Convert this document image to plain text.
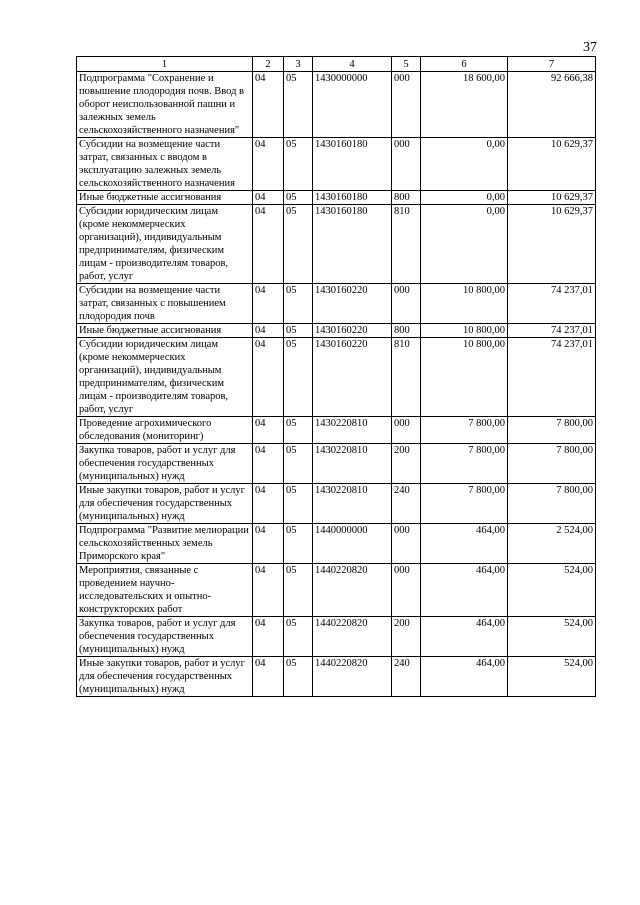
37
1	2	3	4	5	6	7
Подпрограмма "Сохранение и повышение плодородия почв. Ввод в оборот неиспользованной пашни и залежных земель сельскохозяйственного назначения"	04	05	1430000000	000	18 600,00	92 666,38
Субсидии на возмещение части затрат, связанных с вводом в эксплуатацию залежных земель сельскохозяйственного назначения	04	05	1430160180	000	0,00	10 629,37
Иные бюджетные ассигнования	04	05	1430160180	800	0,00	10 629,37
Субсидии юридическим лицам (кроме некоммерческих организаций), индивидуальным предпринимателям, физическим лицам - производителям товаров, работ, услуг	04	05	1430160180	810	0,00	10 629,37
Субсидии на возмещение части затрат, связанных с повышением плодородия почв	04	05	1430160220	000	10 800,00	74 237,01
Иные бюджетные ассигнования	04	05	1430160220	800	10 800,00	74 237,01
Субсидии юридическим лицам (кроме некоммерческих организаций), индивидуальным предпринимателям, физическим лицам - производителям товаров, работ, услуг	04	05	1430160220	810	10 800,00	74 237,01
Проведение агрохимического обследования (мониторинг)	04	05	1430220810	000	7 800,00	7 800,00
Закупка товаров, работ и услуг для обеспечения государственных (муниципальных) нужд	04	05	1430220810	200	7 800,00	7 800,00
Иные закупки товаров, работ и услуг для обеспечения государственных (муниципальных) нужд	04	05	1430220810	240	7 800,00	7 800,00
Подпрограмма "Развитие мелиорации сельскохозяйственных земель Приморского края"	04	05	1440000000	000	464,00	2 524,00
Мероприятия, связанные с проведением научно-исследовательских и опытно-конструкторских работ	04	05	1440220820	000	464,00	524,00
Закупка товаров, работ и услуг для обеспечения государственных (муниципальных) нужд	04	05	1440220820	200	464,00	524,00
Иные закупки товаров, работ и услуг для обеспечения государственных (муниципальных) нужд	04	05	1440220820	240	464,00	524,00
